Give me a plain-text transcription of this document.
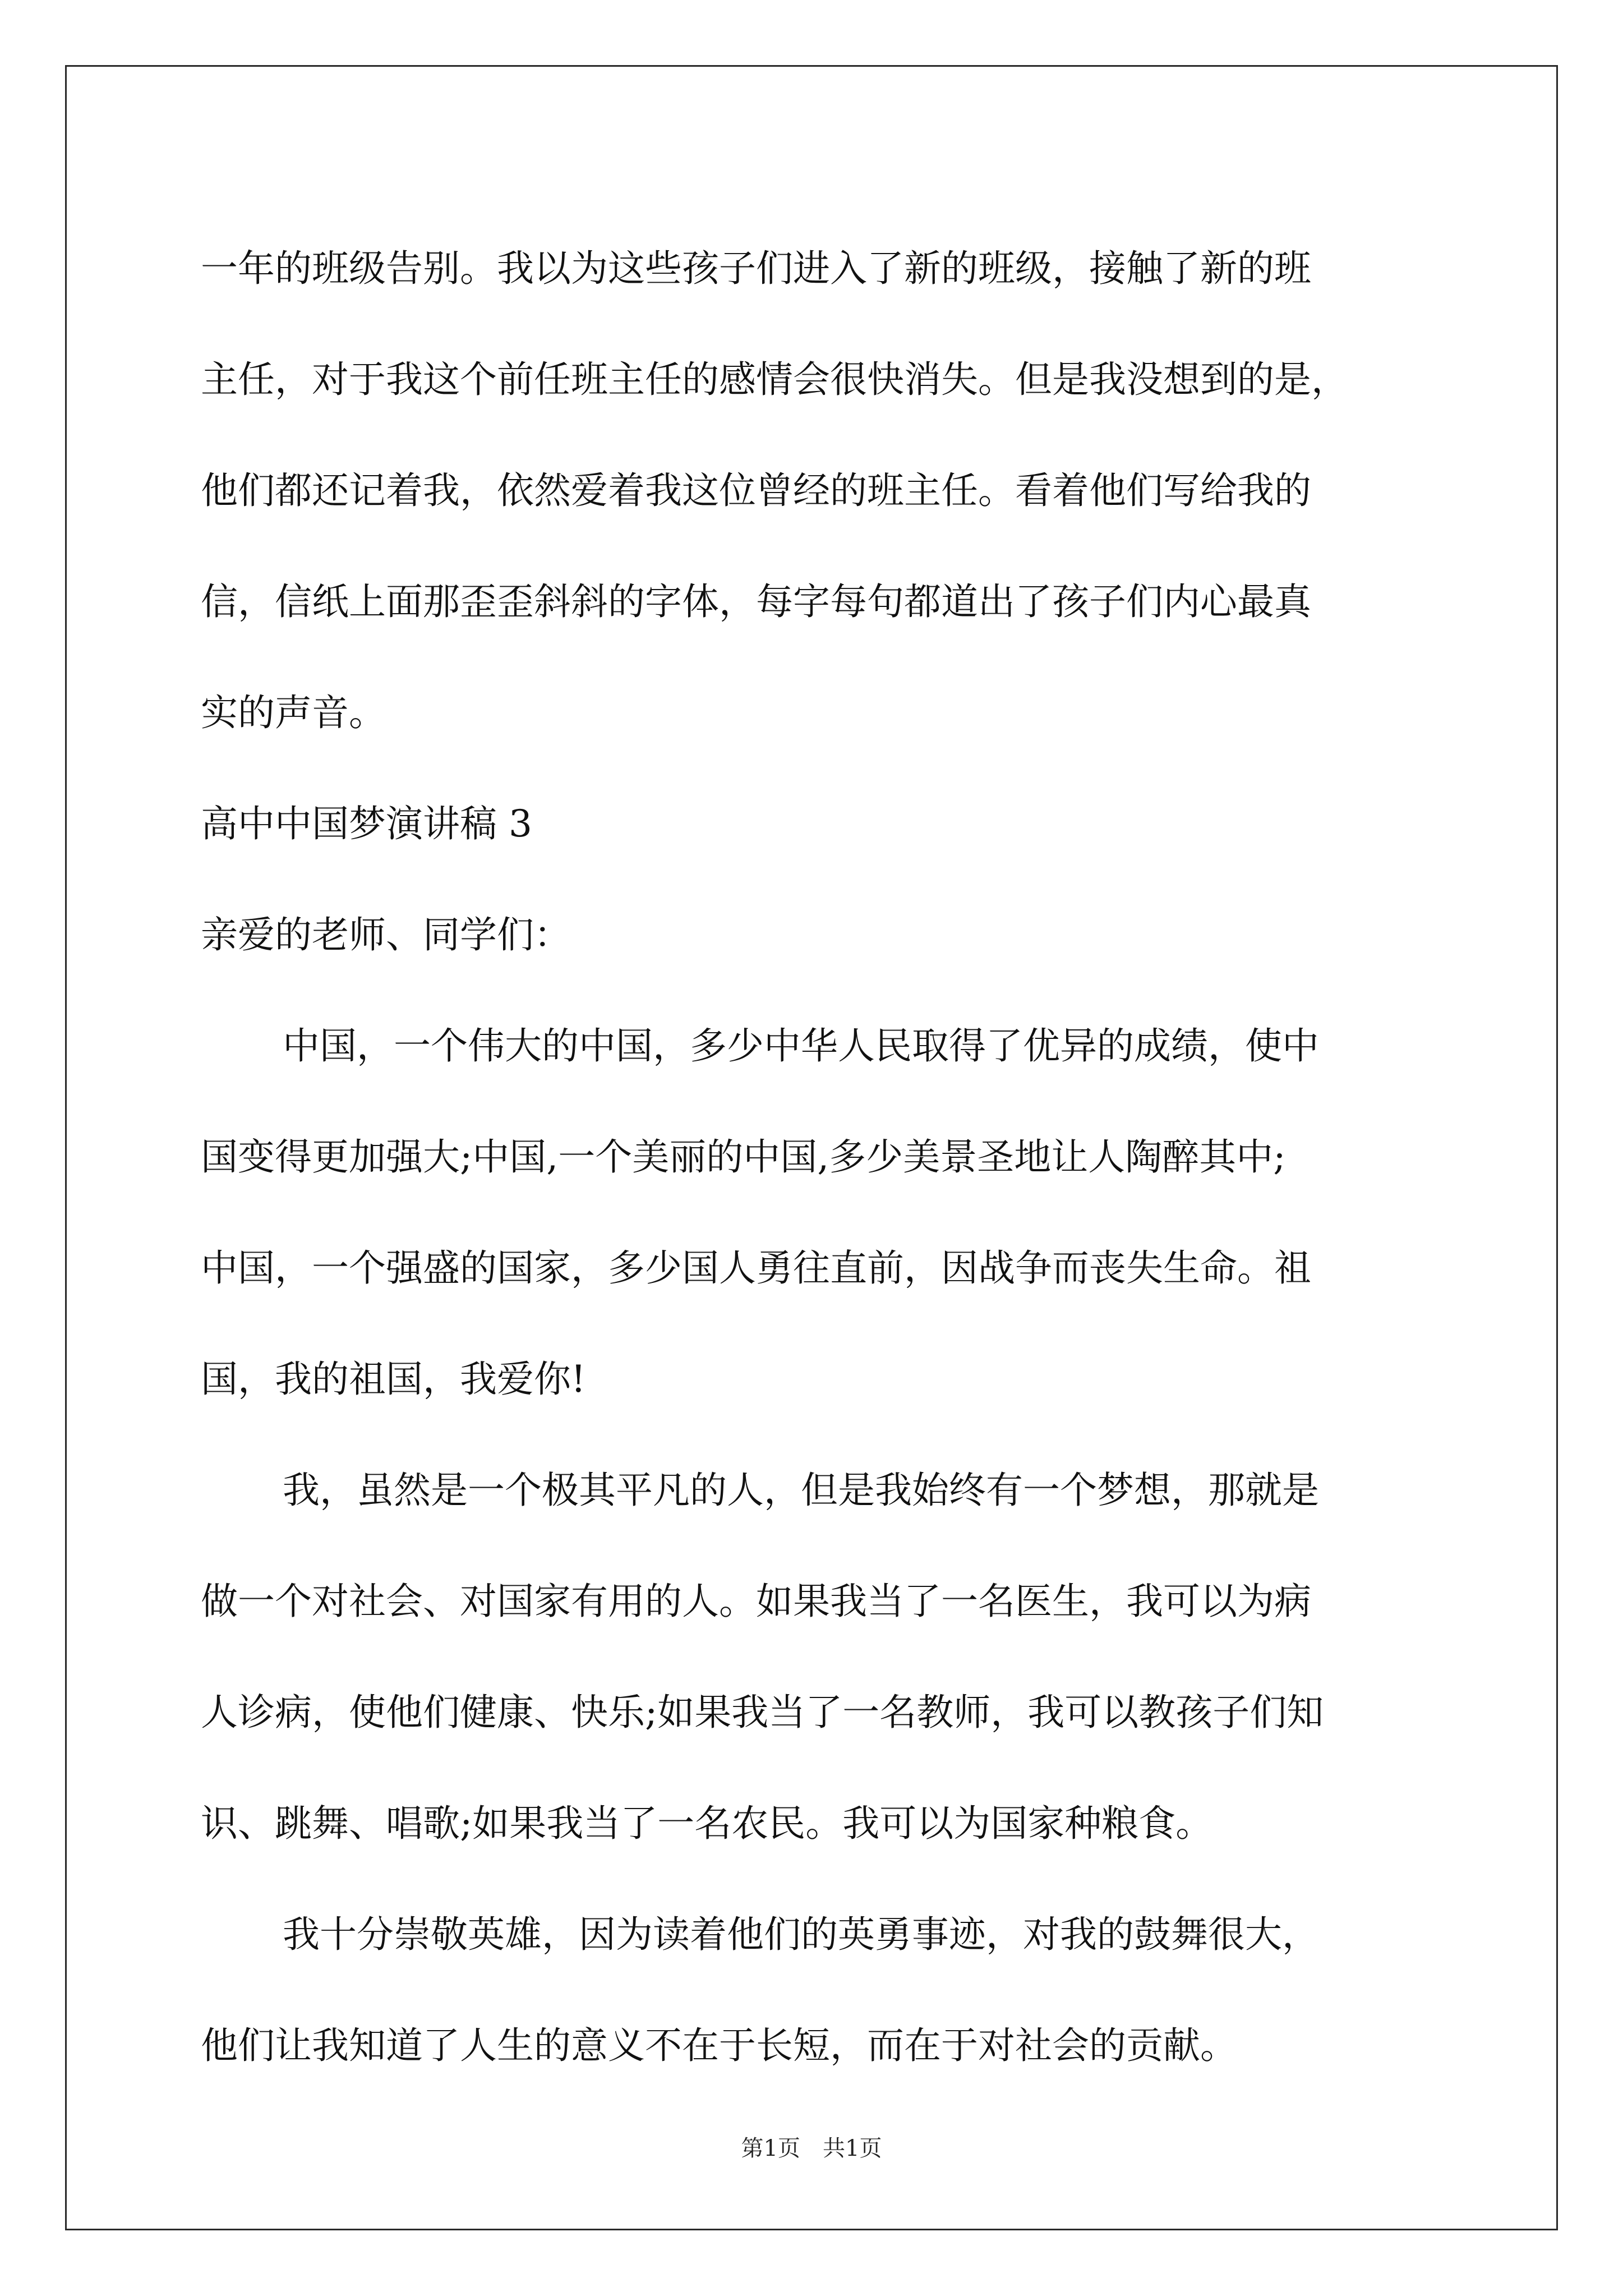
一年的班级告别。我以为这些孩子们进入了新的班级，接触了新的班
主任，对于我这个前任班主任的感情会很快消失。但是我没想到的是，
他们都还记着我，依然爱着我这位曾经的班主任。看着他们写给我的
信，信纸上面那歪歪斜斜的字体，每字每句都道出了孩子们内心最真
实的声音。
高中中国梦演讲稿 3
亲爱的老师、同学们：
中国，一个伟大的中国，多少中华人民取得了优异的成绩，使中
国变得更加强大;中国,一个美丽的中国,多少美景圣地让人陶醉其中;
中国，一个强盛的国家，多少国人勇往直前，因战争而丧失生命。祖
国，我的祖国，我爱你!
我，虽然是一个极其平凡的人，但是我始终有一个梦想，那就是
做一个对社会、对国家有用的人。如果我当了一名医生，我可以为病
人诊病，使他们健康、快乐;如果我当了一名教师，我可以教孩子们知
识、跳舞、唱歌;如果我当了一名农民。我可以为国家种粮食。
我十分崇敬英雄，因为读着他们的英勇事迹，对我的鼓舞很大，
他们让我知道了人生的意义不在于长短，而在于对社会的贡献。
第1页 共1页
